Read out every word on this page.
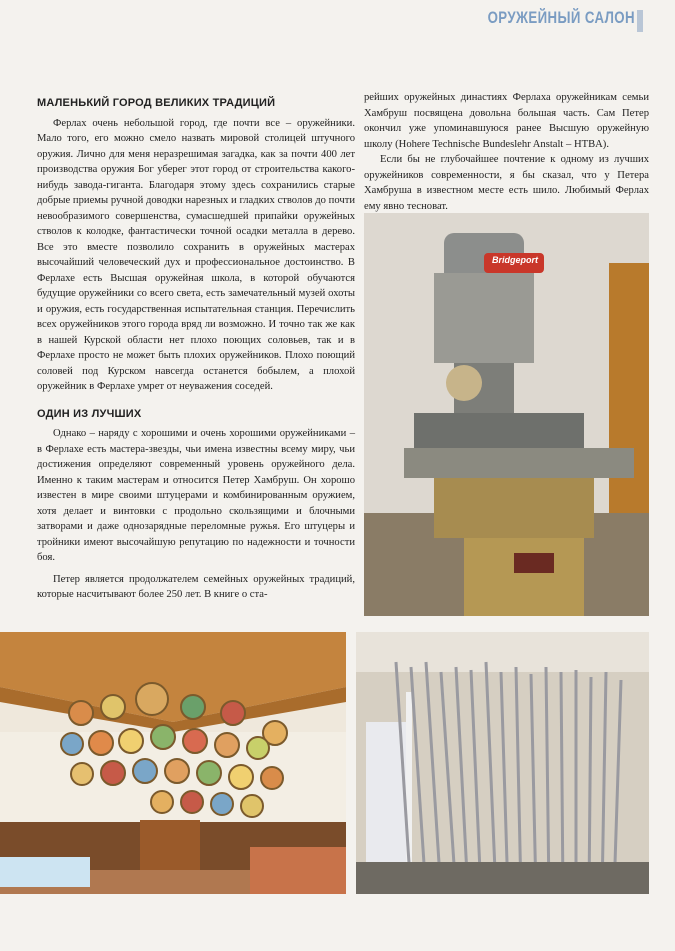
ОРУЖЕЙНЫЙ САЛОН
МАЛЕНЬКИЙ ГОРОД ВЕЛИКИХ ТРАДИЦИЙ

Ферлах очень небольшой город, где почти все – оружейники. Мало того, его можно смело назвать мировой столицей штучного оружия. Лично для меня неразрешимая загадка, как за почти 400 лет производства оружия Бог уберег этот город от строительства какого-нибудь завода-гиганта. Благодаря этому здесь сохранились старые добрые приемы ручной доводки нарезных и гладких стволов до почти невообразимого совершенства, сумасшедшей припайки оружейных стволов к колодке, фантастически точной осадки металла в дерево. Все это вместе позволило сохранить в оружейных мастерах высочайший человеческий дух и профессиональное достоинство. В Ферлахе есть Высшая оружейная школа, в которой обучаются будущие оружейники со всего света, есть замечательный музей охоты и оружия, есть государственная испытательная станция. Перечислить всех оружейников этого города вряд ли возможно. И точно так же как в нашей Курской области нет плохо поющих соловьев, так и в Ферлахе просто не может быть плохих оружейников. Плохо поющий соловей под Курском навсегда останется бобылем, а плохой оружейник в Ферлахе умрет от неуважения соседей.

ОДИН ИЗ ЛУЧШИХ

Однако – наряду с хорошими и очень хорошими оружейниками – в Ферлахе есть мастера-звезды, чьи имена известны всему миру, чьи достижения определяют современный уровень оружейного дела. Именно к таким мастерам и относится Петер Хамбруш. Он хорошо известен в мире своими штуцерами и комбинированным оружием, хотя делает и винтовки с продольно скользящими и блочными затворами и даже однозарядные переломные ружья. Его штуцеры и тройники имеют высочайшую репутацию по надежности и точности боя.

Петер является продолжателем семейных оружейных традиций, которые насчитывают более 250 лет. В книге о ста-

рейших оружейных династиях Ферлаха оружейникам семьи Хамбруш посвящена довольна большая часть. Сам Петер окончил уже упоминавшуюся ранее Высшую оружейную школу (Hohere Technische Bundeslehr Anstalt – HTBA).

Если бы не глубочайшее почтение к одному из лучших оружейников современности, я бы сказал, что у Петера Хамбруша в известном месте есть шило. Любимый Ферлах ему явно тесноват.

Bridgeport
